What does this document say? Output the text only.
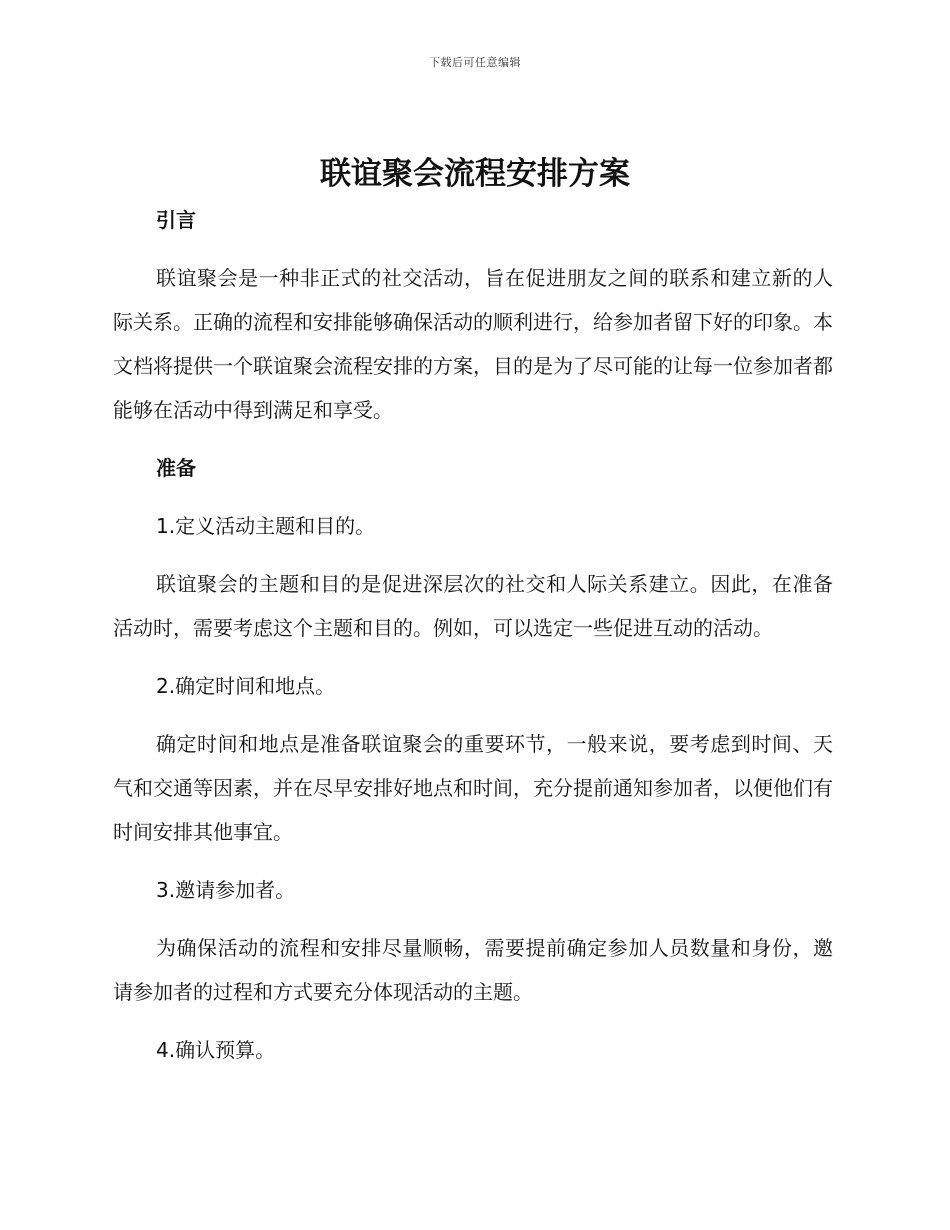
下载后可任意编辑
联谊聚会流程安排方案

引言

联谊聚会是一种非正式的社交活动，旨在促进朋友之间的联系和建立新的人际关系。正确的流程和安排能够确保活动的顺利进行，给参加者留下好的印象。本文档将提供一个联谊聚会流程安排的方案，目的是为了尽可能的让每一位参加者都能够在活动中得到满足和享受。

准备

1.定义活动主题和目的。

联谊聚会的主题和目的是促进深层次的社交和人际关系建立。因此，在准备活动时，需要考虑这个主题和目的。例如，可以选定一些促进互动的活动。

2.确定时间和地点。

确定时间和地点是准备联谊聚会的重要环节，一般来说，要考虑到时间、天气和交通等因素，并在尽早安排好地点和时间，充分提前通知参加者，以便他们有时间安排其他事宜。

3.邀请参加者。

为确保活动的流程和安排尽量顺畅，需要提前确定参加人员数量和身份，邀请参加者的过程和方式要充分体现活动的主题。

4.确认预算。
